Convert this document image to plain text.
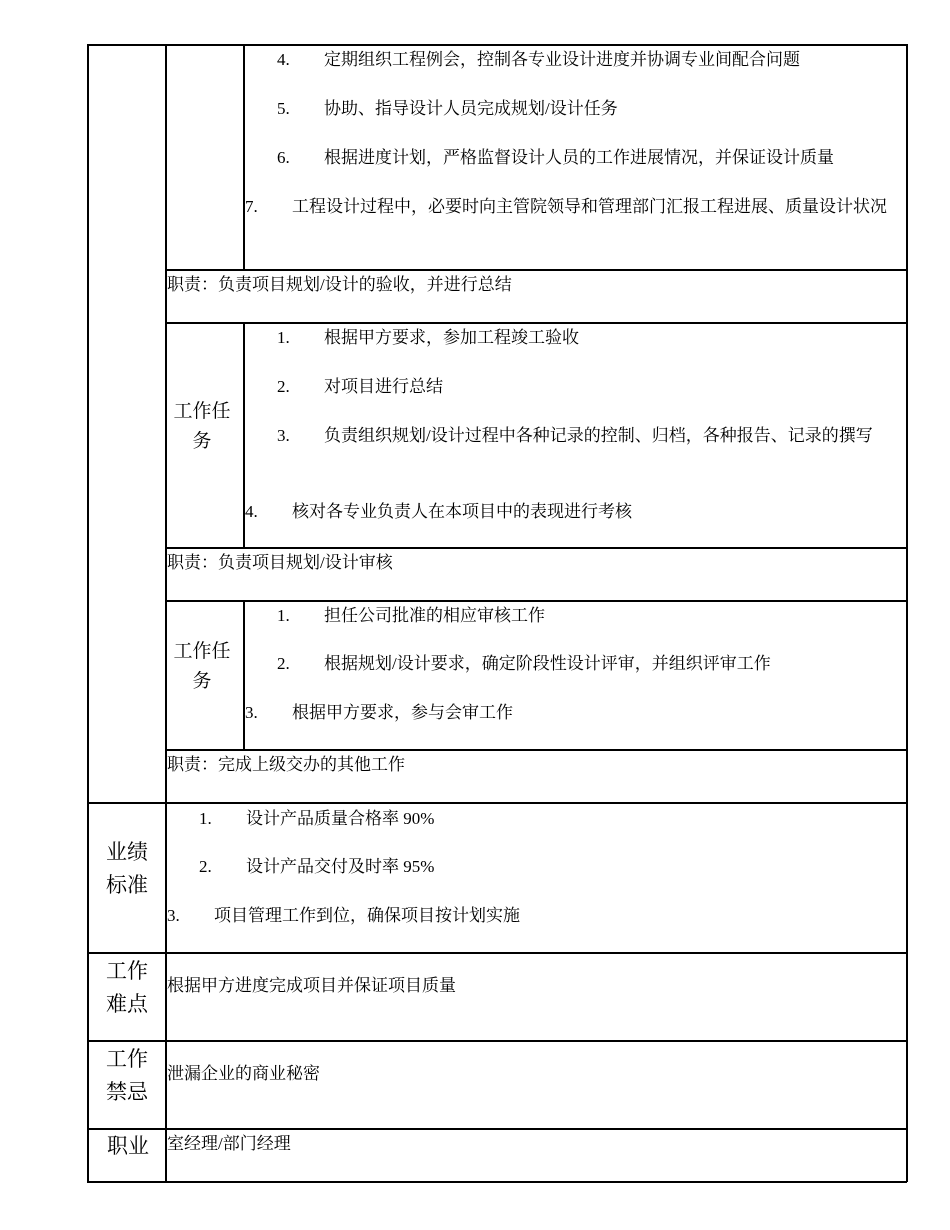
4. 定期组织工程例会，控制各专业设计进度并协调专业间配合问题
5. 协助、指导设计人员完成规划/设计任务
6. 根据进度计划，严格监督设计人员的工作进展情况，并保证设计质量
7. 工程设计过程中，必要时向主管院领导和管理部门汇报工程进展、质量设计状况
职责：负责项目规划/设计的验收，并进行总结
工作任务
1. 根据甲方要求，参加工程竣工验收
2. 对项目进行总结
3. 负责组织规划/设计过程中各种记录的控制、归档，各种报告、记录的撰写
4. 核对各专业负责人在本项目中的表现进行考核
职责：负责项目规划/设计审核
工作任务
1. 担任公司批准的相应审核工作
2. 根据规划/设计要求，确定阶段性设计评审，并组织评审工作
3. 根据甲方要求，参与会审工作
职责：完成上级交办的其他工作
业绩标准
1. 设计产品质量合格率 90%
2. 设计产品交付及时率 95%
3. 项目管理工作到位，确保项目按计划实施
工作难点
根据甲方进度完成项目并保证项目质量
工作禁忌
泄漏企业的商业秘密
职业	室经理/部门经理
